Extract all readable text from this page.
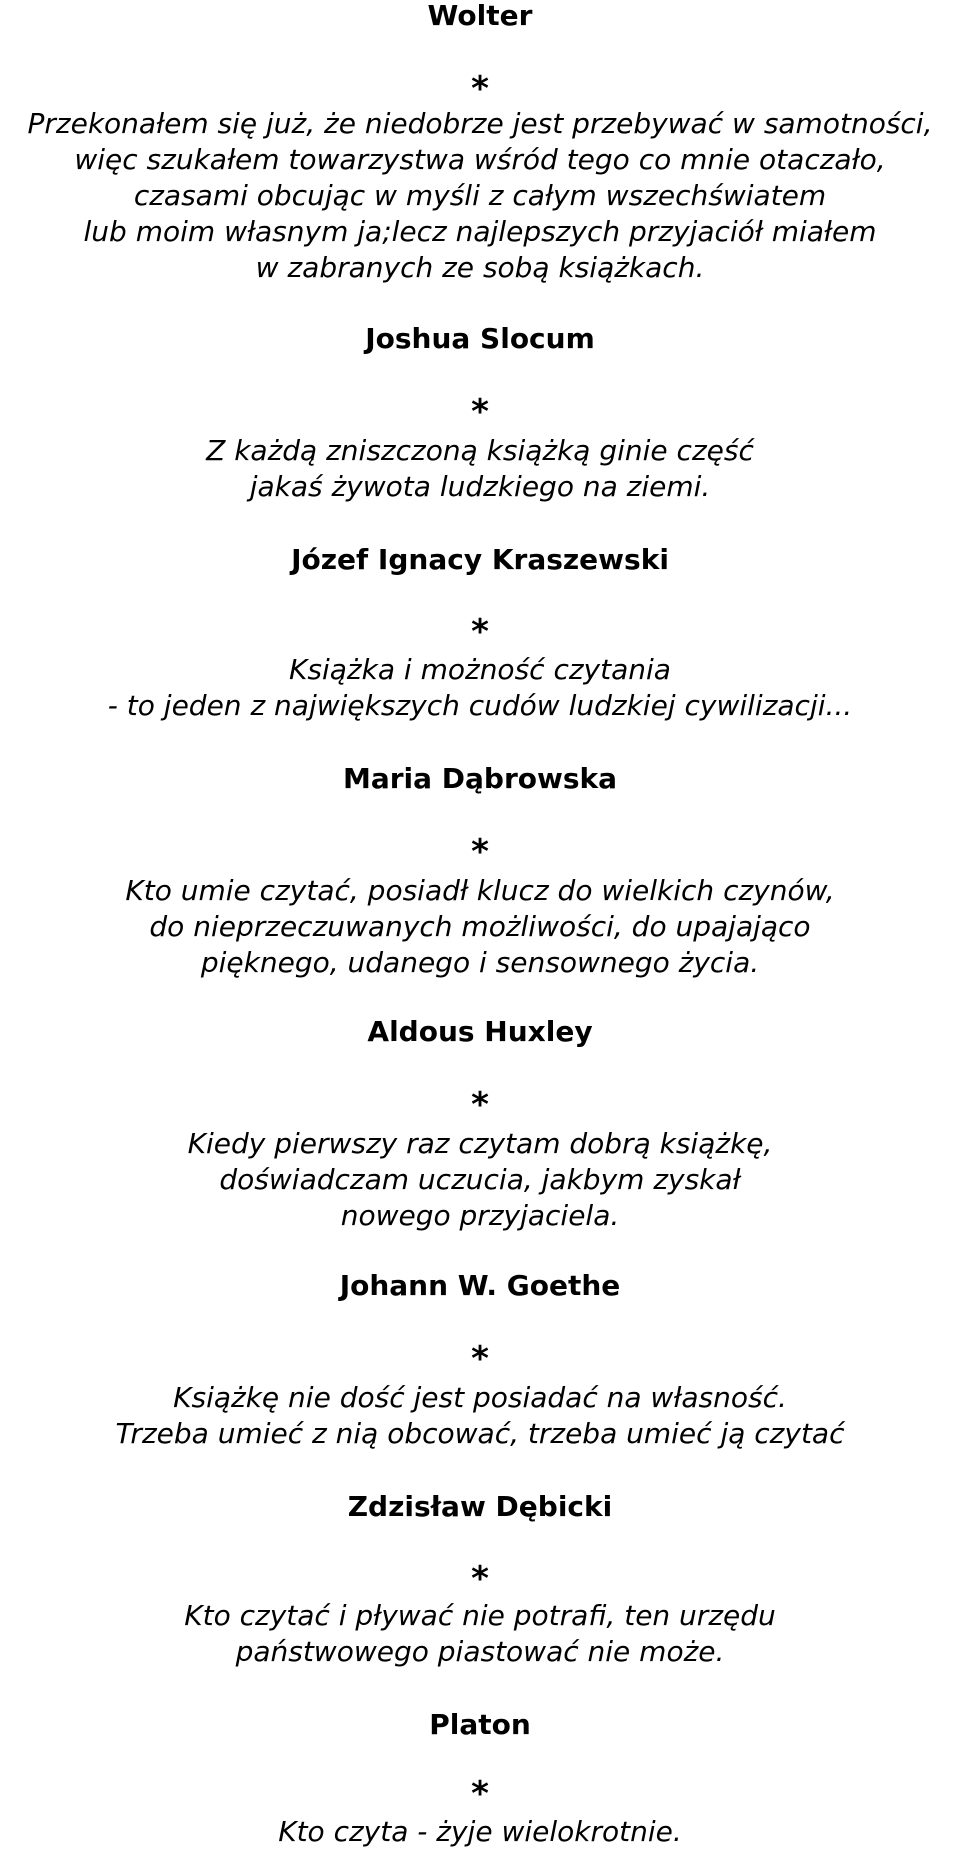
Wolter
*
Przekonałem się już, że niedobrze jest przebywać w samotności,
więc szukałem towarzystwa wśród tego co mnie otaczało,
czasami obcując w myśli z całym wszechświatem
lub moim własnym ja;lecz najlepszych przyjaciół miałem
w zabranych ze sobą książkach.
Joshua Slocum
*
Z każdą zniszczoną książką ginie część
jakaś żywota ludzkiego na ziemi.
Józef Ignacy Kraszewski
*
Książka i możność czytania
- to jeden z największych cudów ludzkiej cywilizacji...
Maria Dąbrowska
*
Kto umie czytać, posiadł klucz do wielkich czynów,
do nieprzeczuwanych możliwości, do upajająco
pięknego, udanego i sensownego życia.
Aldous Huxley
*
Kiedy pierwszy raz czytam dobrą książkę,
doświadczam uczucia, jakbym zyskał
nowego przyjaciela.
Johann W. Goethe
*
Książkę nie dość jest posiadać na własność.
Trzeba umieć z nią obcować, trzeba umieć ją czytać
Zdzisław Dębicki
*
Kto czytać i pływać nie potrafi, ten urzędu
państwowego piastować nie może.
Platon
*
Kto czyta - żyje wielokrotnie.
